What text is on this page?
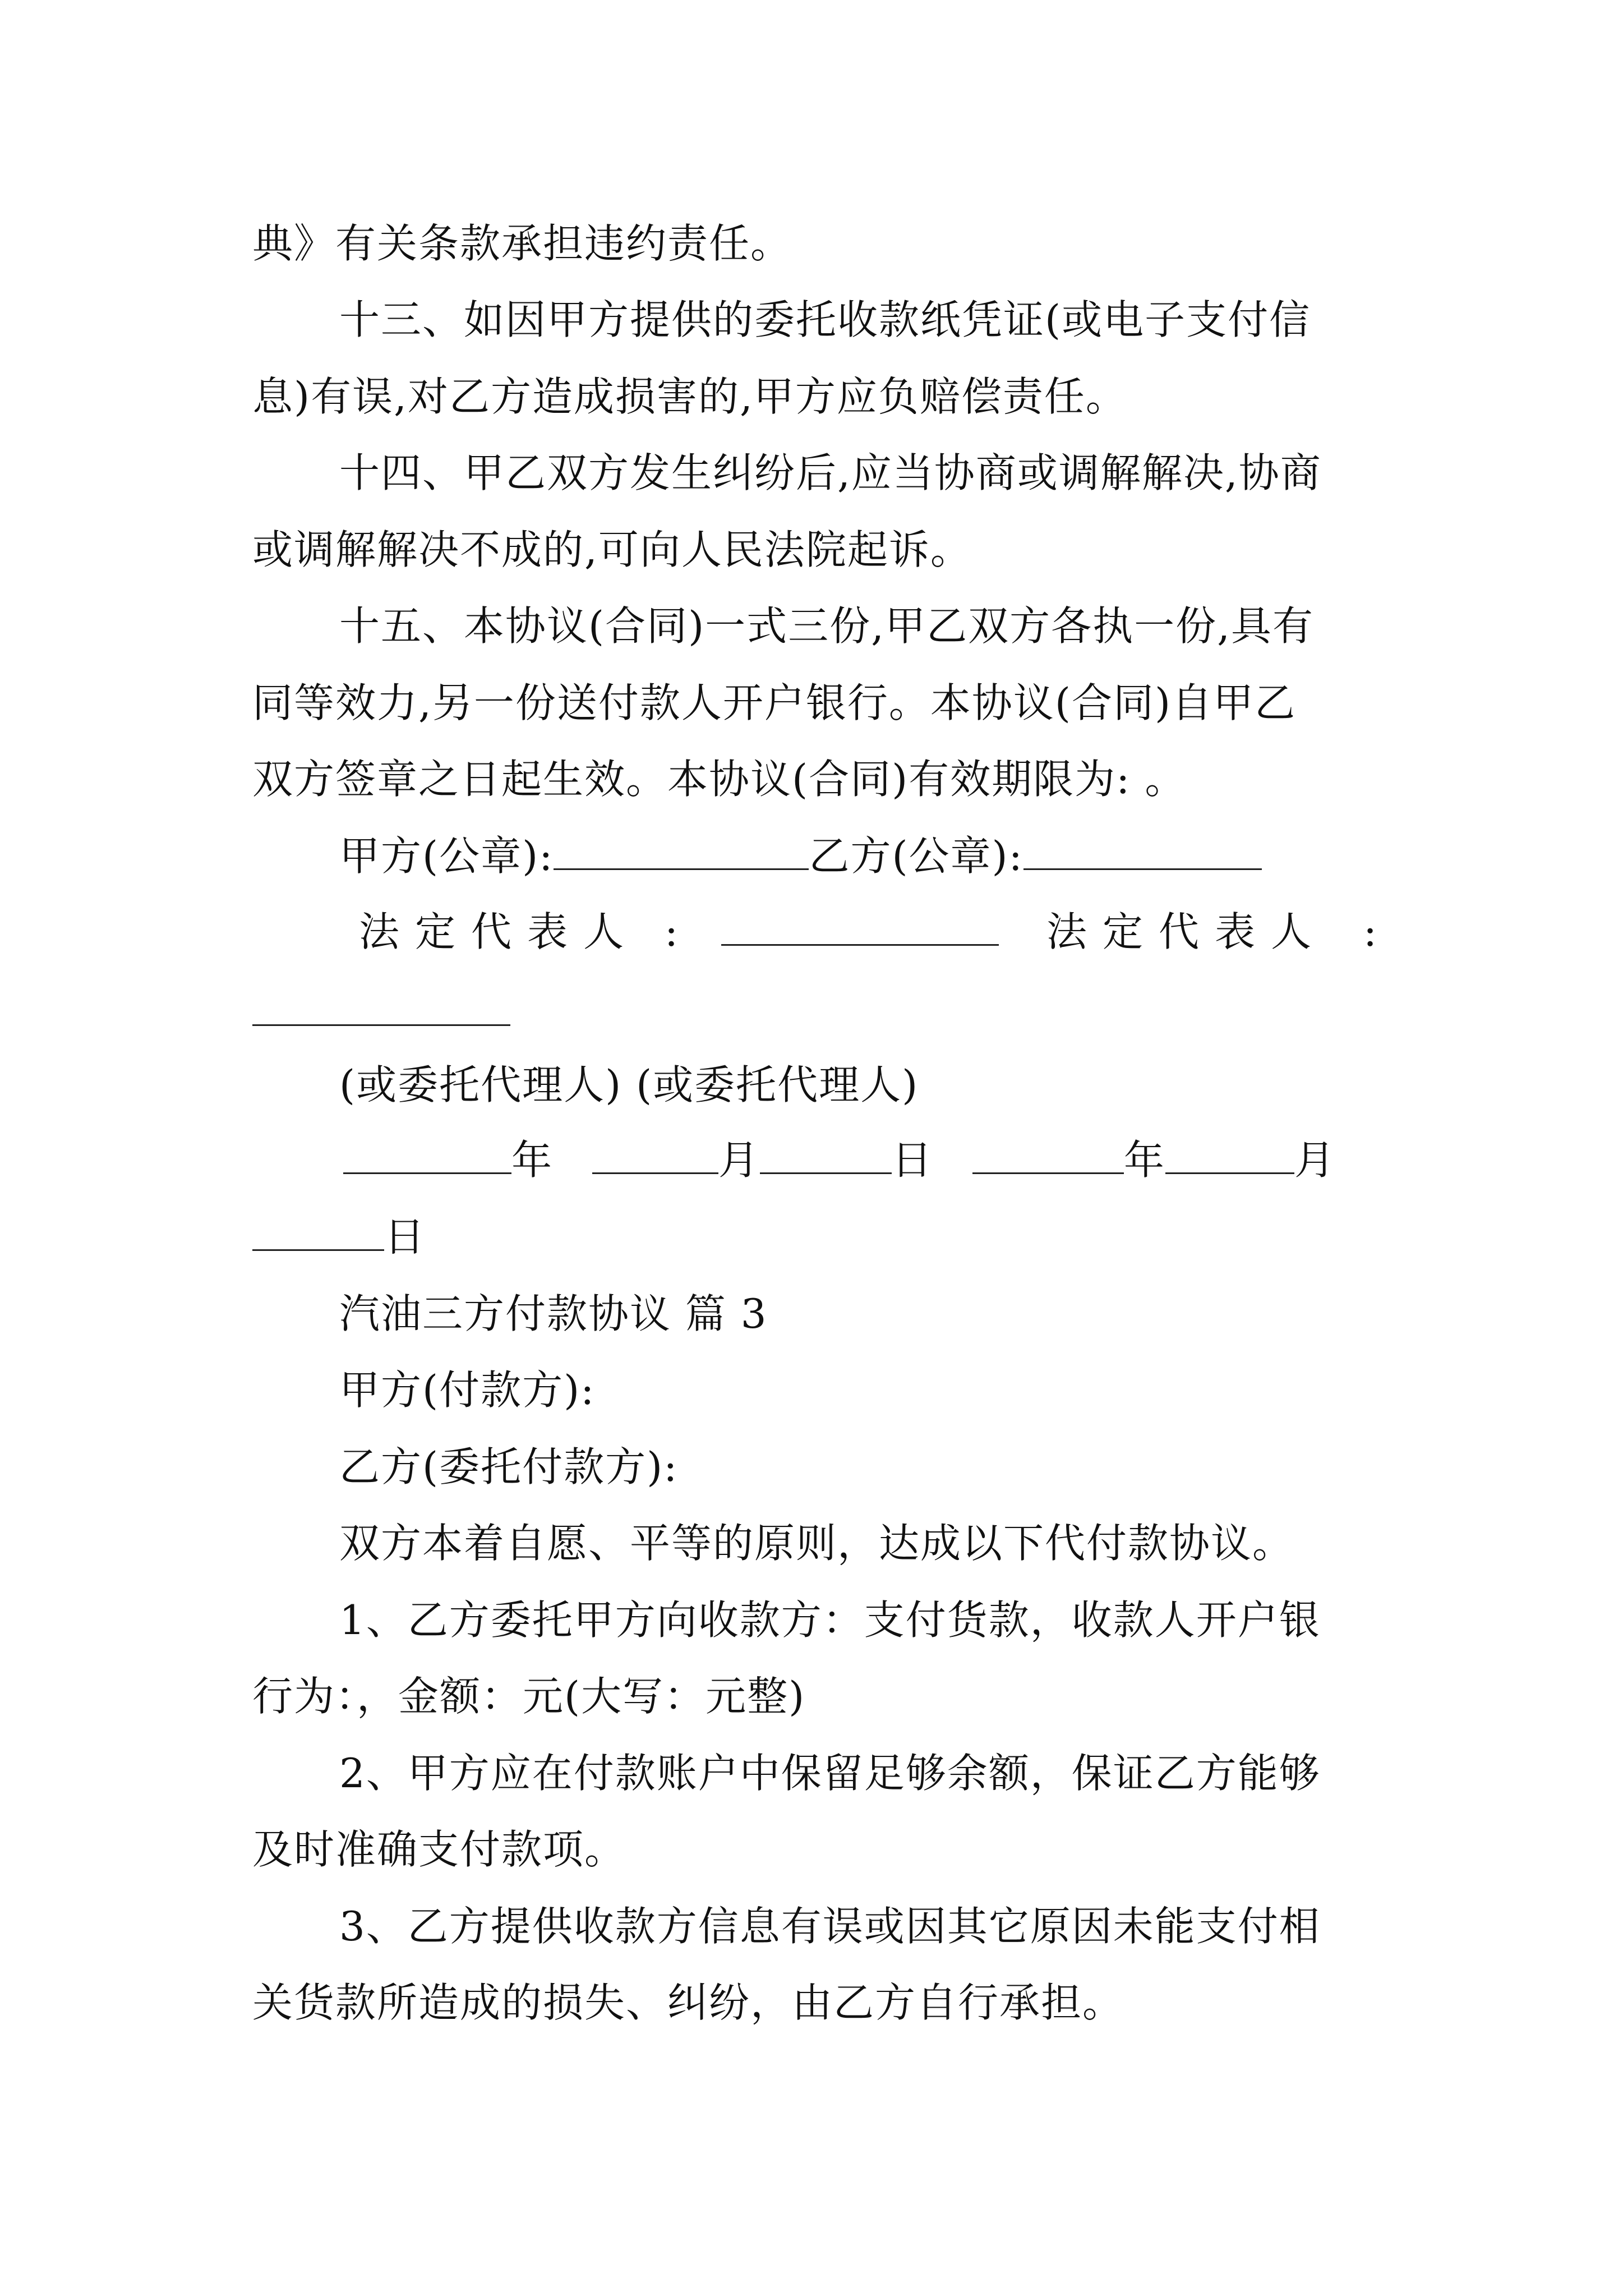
典》有关条款承担违约责任。
十三、如因甲方提供的委托收款纸凭证(或电子支付信
息)有误,对乙方造成损害的,甲方应负赔偿责任。
十四、甲乙双方发生纠纷后,应当协商或调解解决,协商
或调解解决不成的,可向人民法院起诉。
十五、本协议(合同)一式三份,甲乙双方各执一份,具有
同等效力,另一份送付款人开户银行。本协议(合同)自甲乙
双方签章之日起生效。本协议(合同)有效期限为: 。
甲方(公章):	乙方(公章):
法定代表人 :	法定代表人 :
(或委托代理人) (或委托代理人)
年	月	日	年	月
日
汽油三方付款协议 篇 3
甲方(付款方):
乙方(委托付款方):
双方本着自愿、平等的原则，达成以下代付款协议。
1、乙方委托甲方向收款方：支付货款，收款人开户银
行为：，金额：元(大写：元整)
2、甲方应在付款账户中保留足够余额，保证乙方能够
及时准确支付款项。
3、乙方提供收款方信息有误或因其它原因未能支付相
关货款所造成的损失、纠纷，由乙方自行承担。
